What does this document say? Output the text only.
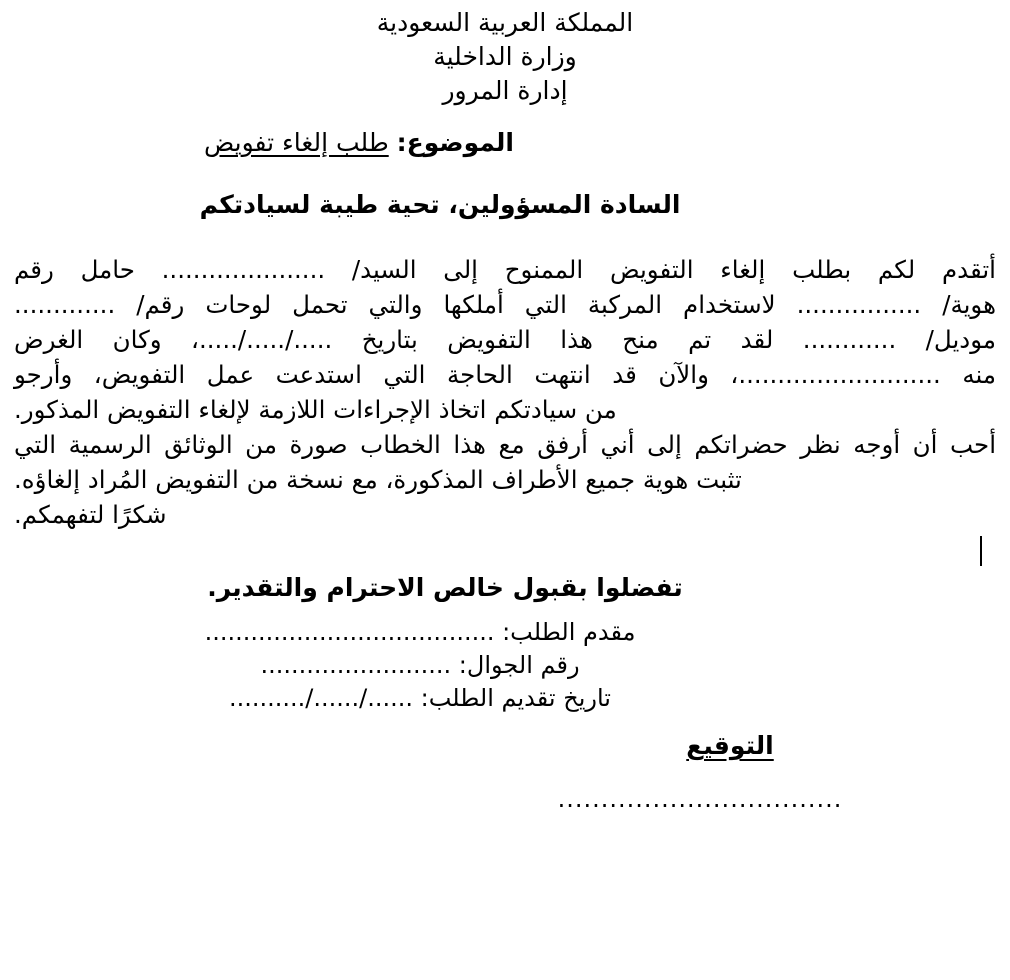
المملكة العربية السعودية
وزارة الداخلية
إدارة المرور
الموضوع: طلب إلغاء تفويض
السادة المسؤولين، تحية طيبة لسيادتكم
أتقدم لكم بطلب إلغاء التفويض الممنوح إلى السيد/ ..................... حامل رقم
هوية/ ................ لاستخدام المركبة التي أملكها والتي تحمل لوحات رقم/ .............
موديل/ ............ لقد تم منح هذا التفويض بتاريخ ...../...../.....، وكان الغرض
منه ..........................، والآن قد انتهت الحاجة التي استدعت عمل التفويض، وأرجو
من سيادتكم اتخاذ الإجراءات اللازمة لإلغاء التفويض المذكور.
أحب أن أوجه نظر حضراتكم إلى أني أرفق مع هذا الخطاب صورة من الوثائق الرسمية التي
تثبت هوية جميع الأطراف المذكورة، مع نسخة من التفويض المُراد إلغاؤه.
شكرًا لتفهمكم.
تفضلوا بقبول خالص الاحترام والتقدير.
مقدم الطلب: ......................................
رقم الجوال: .........................
تاريخ تقديم الطلب: ....../....../..........
التوقيع
.................................
